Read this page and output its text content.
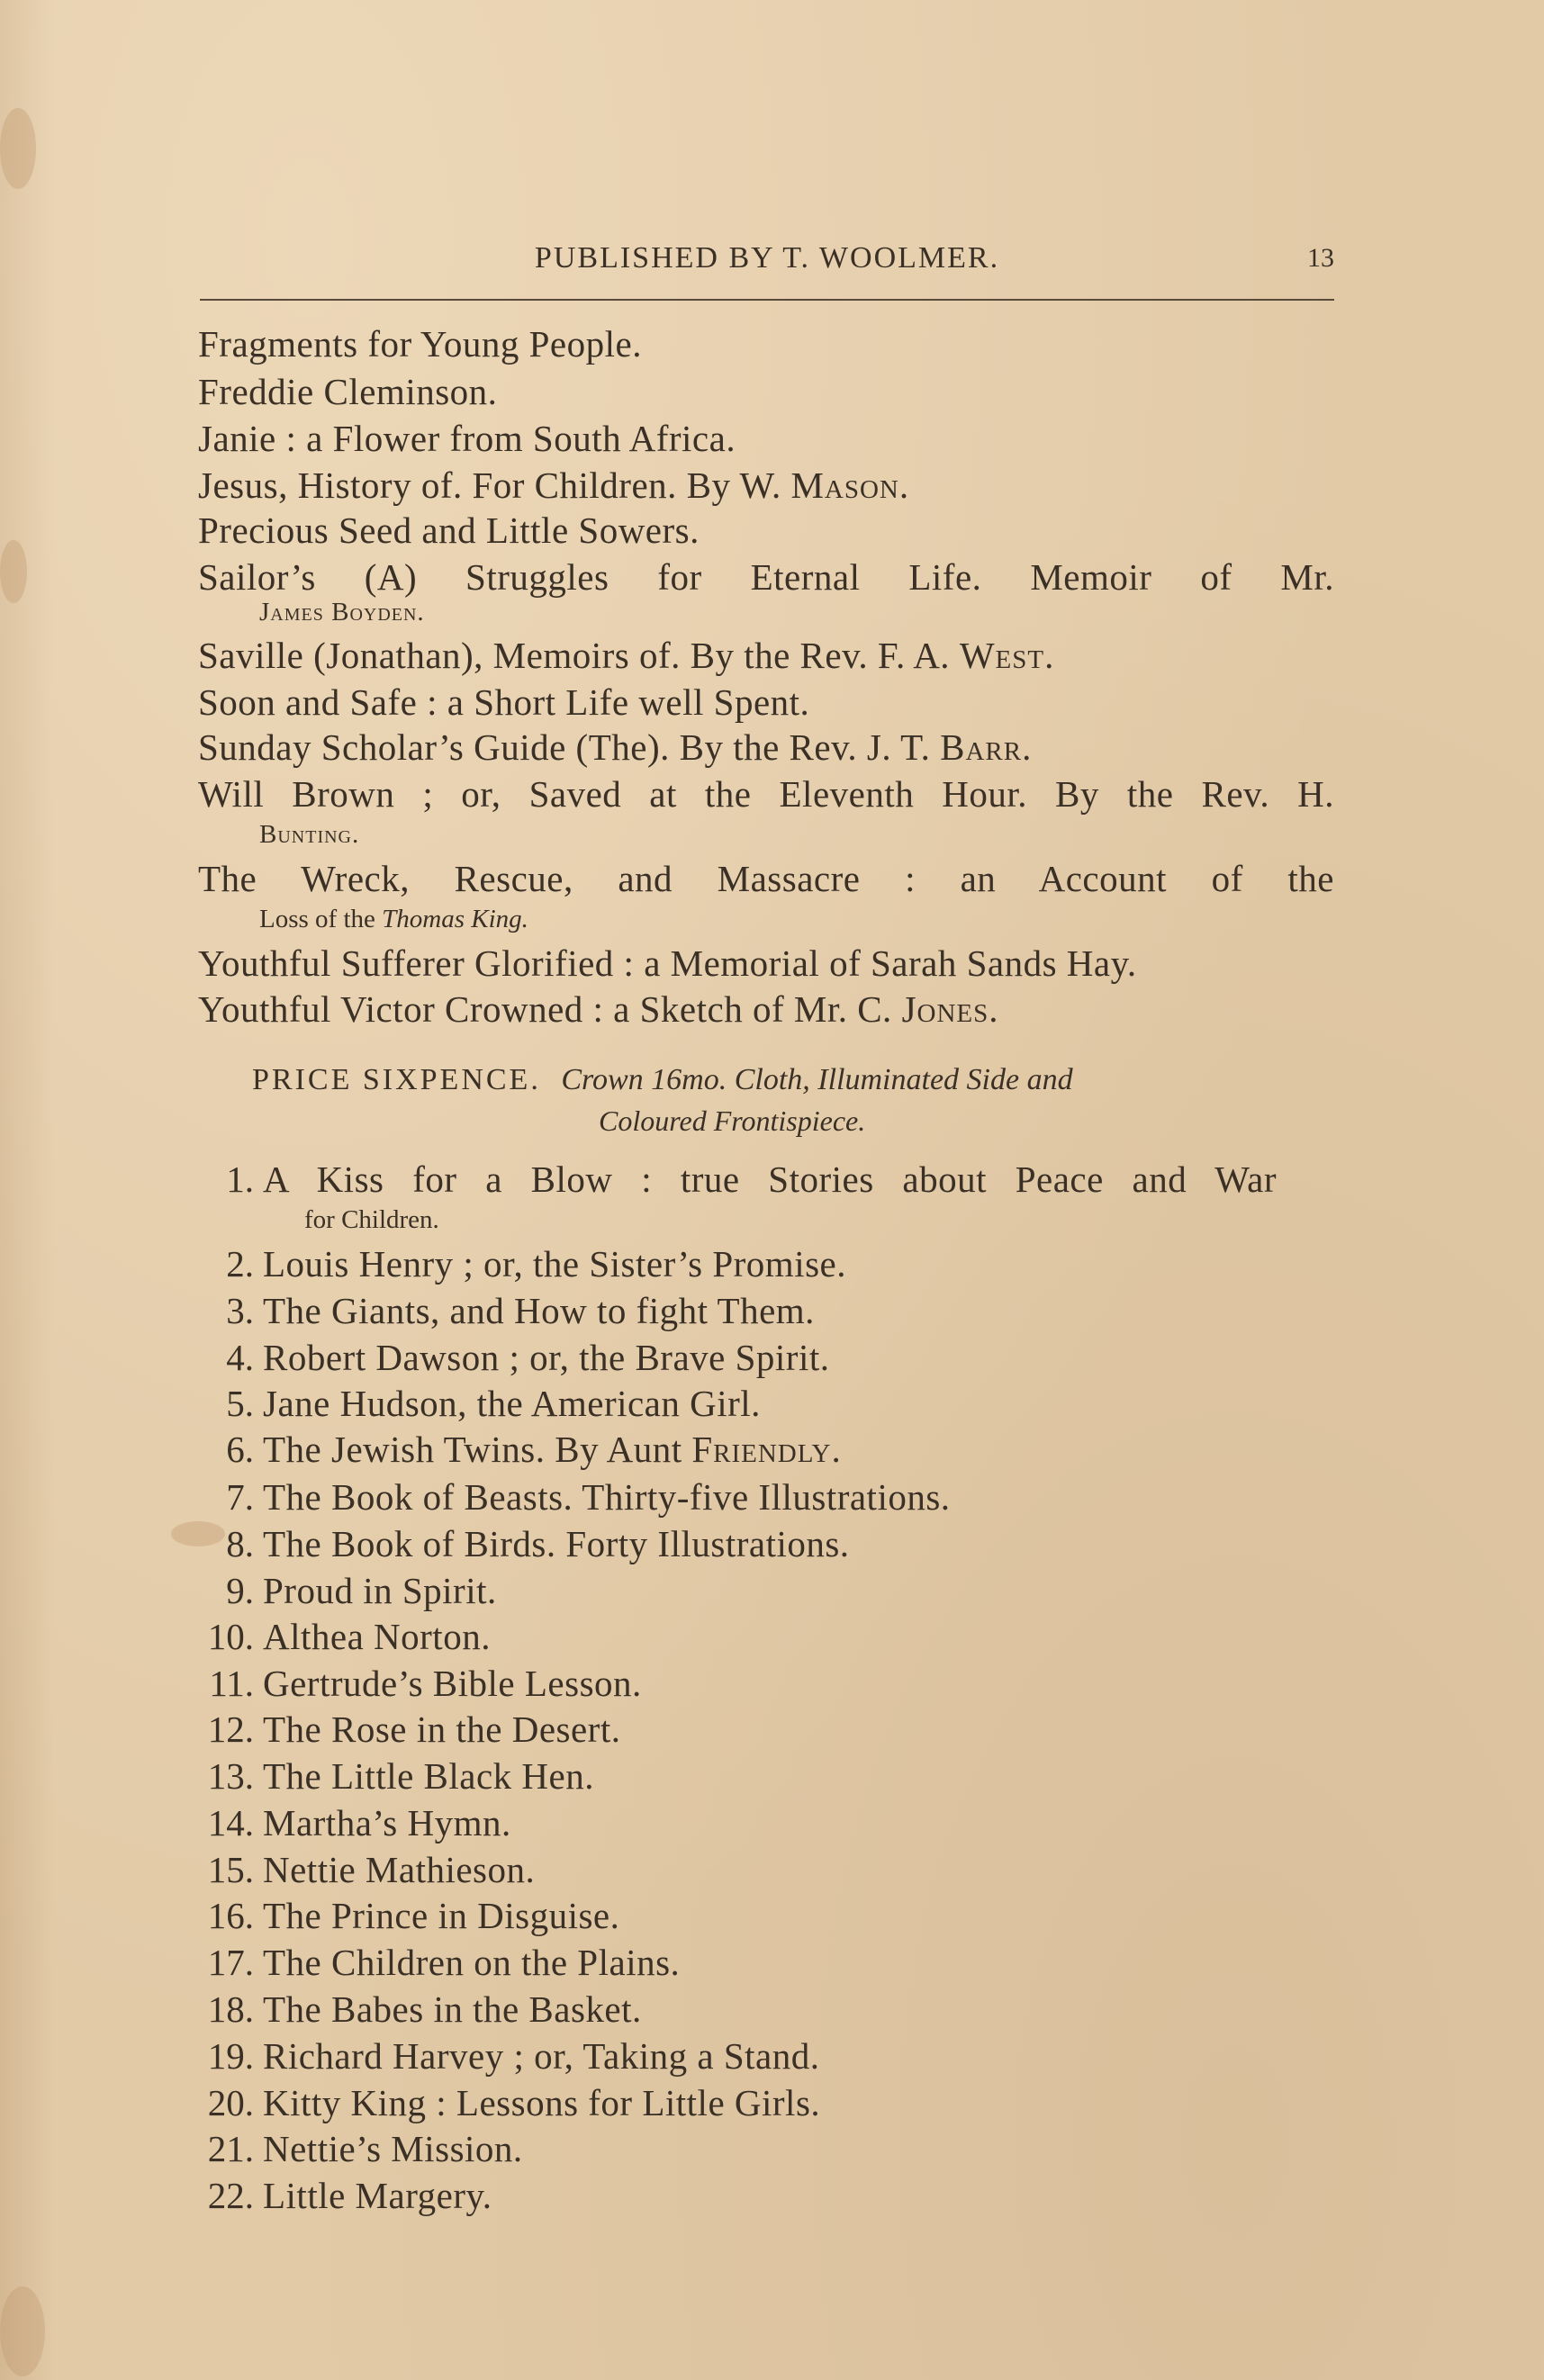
PUBLISHED BY T. WOOLMER.	13
Fragments for Young People.
Freddie Cleminson.
Janie : a Flower from South Africa.
Jesus, History of. For Children. By W. Mason.
Precious Seed and Little Sowers.
Sailor’s (A) Struggles for Eternal Life. Memoir of Mr.
James Boyden.
Saville (Jonathan), Memoirs of. By the Rev. F. A. West.
Soon and Safe : a Short Life well Spent.
Sunday Scholar’s Guide (The). By the Rev. J. T. Barr.
Will Brown ; or, Saved at the Eleventh Hour. By the Rev. H.
Bunting.
The Wreck, Rescue, and Massacre : an Account of the
Loss of the Thomas King.
Youthful Sufferer Glorified : a Memorial of Sarah Sands Hay.
Youthful Victor Crowned : a Sketch of Mr. C. Jones.
PRICE SIXPENCE. Crown 16mo. Cloth, Illuminated Side and
Coloured Frontispiece.
1. A Kiss for a Blow : true Stories about Peace and War
for Children.
2. Louis Henry ; or, the Sister’s Promise.
3. The Giants, and How to fight Them.
4. Robert Dawson ; or, the Brave Spirit.
5. Jane Hudson, the American Girl.
6. The Jewish Twins. By Aunt Friendly.
7. The Book of Beasts. Thirty-five Illustrations.
8. The Book of Birds. Forty Illustrations.
9. Proud in Spirit.
10. Althea Norton.
11. Gertrude’s Bible Lesson.
12. The Rose in the Desert.
13. The Little Black Hen.
14. Martha’s Hymn.
15. Nettie Mathieson.
16. The Prince in Disguise.
17. The Children on the Plains.
18. The Babes in the Basket.
19. Richard Harvey ; or, Taking a Stand.
20. Kitty King : Lessons for Little Girls.
21. Nettie’s Mission.
22. Little Margery.
